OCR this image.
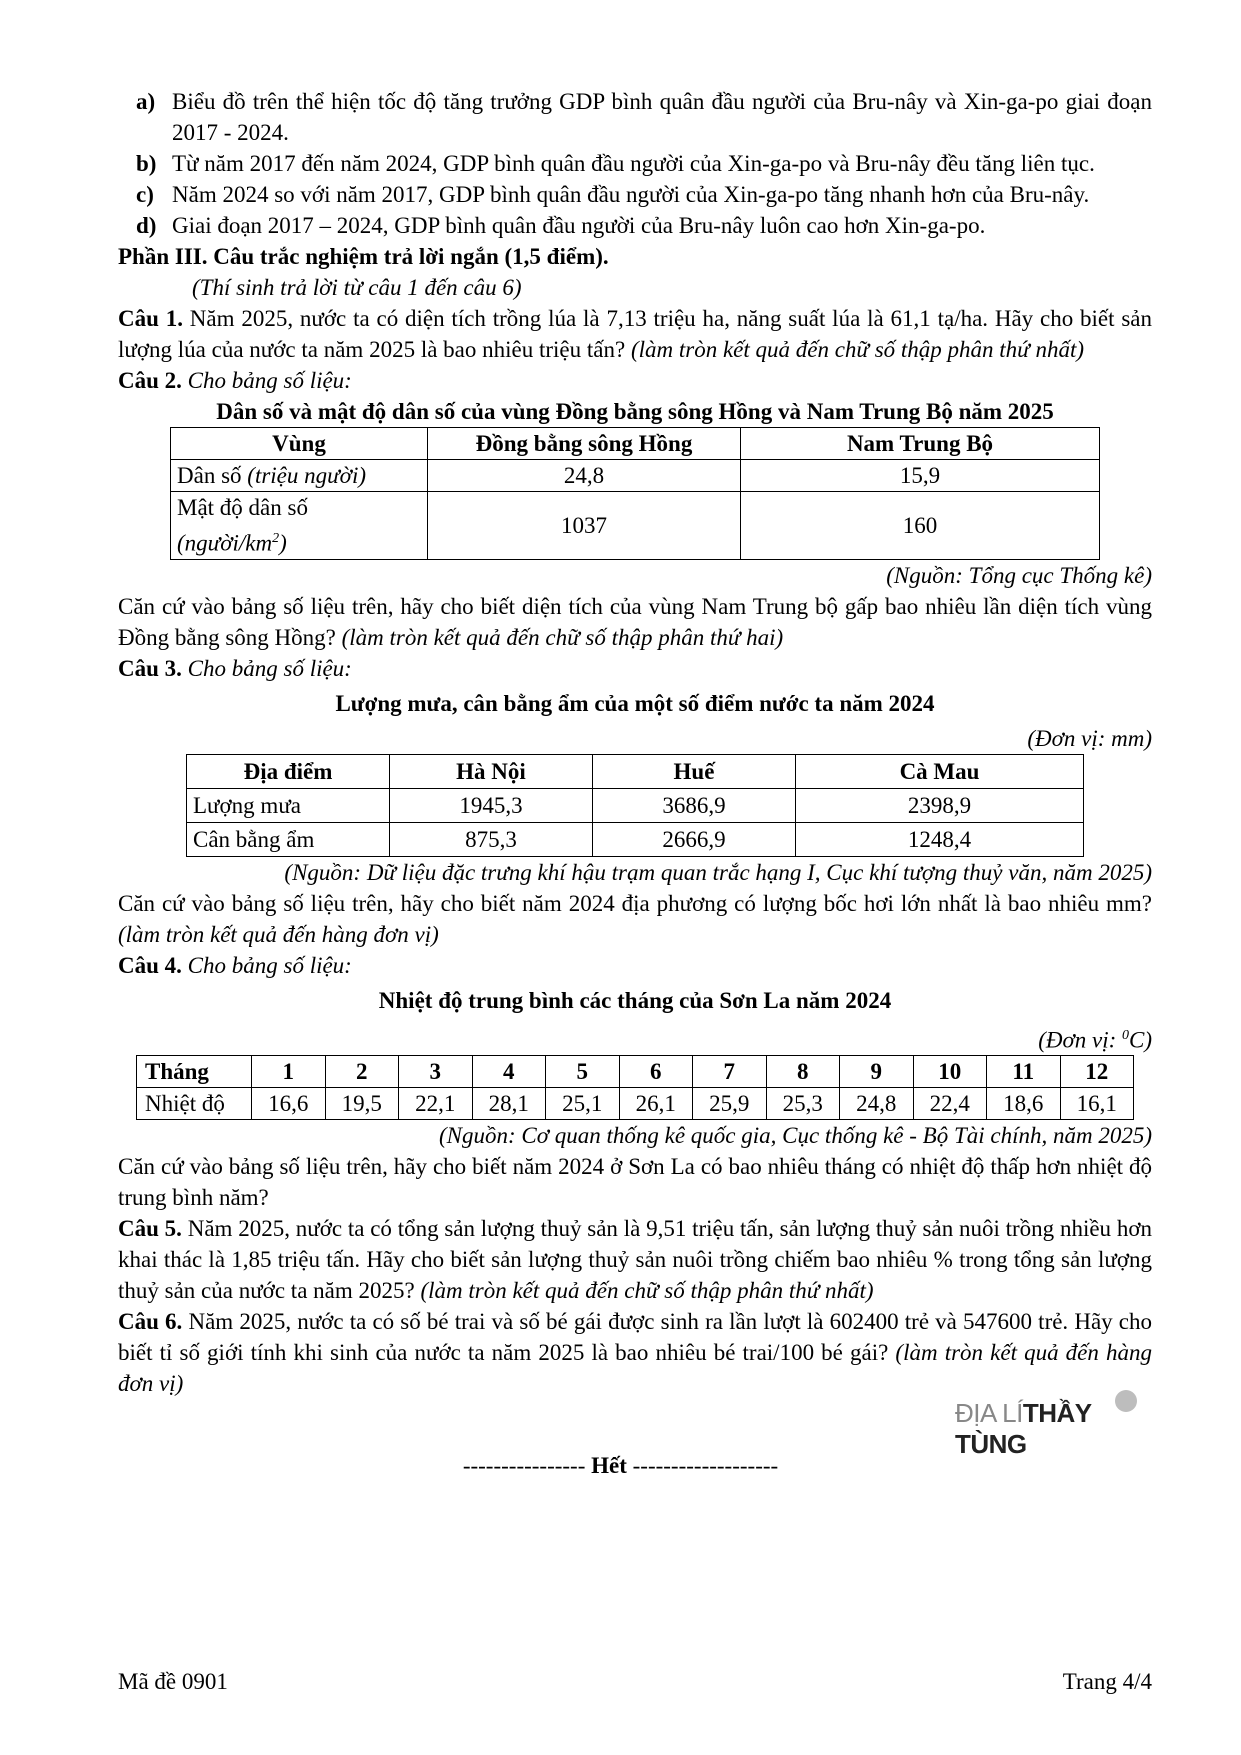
a) Biểu đồ trên thể hiện tốc độ tăng trưởng GDP bình quân đầu người của Bru-nây và Xin-ga-po giai đoạn 2017 - 2024.
b) Từ năm 2017 đến năm 2024, GDP bình quân đầu người của Xin-ga-po và Bru-nây đều tăng liên tục.
c) Năm 2024 so với năm 2017, GDP bình quân đầu người của Xin-ga-po tăng nhanh hơn của Bru-nây.
d) Giai đoạn 2017 – 2024, GDP bình quân đầu người của Bru-nây luôn cao hơn Xin-ga-po.
Phần III. Câu trắc nghiệm trả lời ngắn (1,5 điểm).
(Thí sinh trả lời từ câu 1 đến câu 6)
Câu 1. Năm 2025, nước ta có diện tích trồng lúa là 7,13 triệu ha, năng suất lúa là 61,1 tạ/ha. Hãy cho biết sản lượng lúa của nước ta năm 2025 là bao nhiêu triệu tấn? (làm tròn kết quả đến chữ số thập phân thứ nhất)
Câu 2. Cho bảng số liệu:
Dân số và mật độ dân số của vùng Đồng bằng sông Hồng và Nam Trung Bộ năm 2025
Vùng	Đồng bằng sông Hồng	Nam Trung Bộ
Dân số (triệu người)	24,8	15,9
Mật độ dân số $(người/km^2)$	1037	160
(Nguồn: Tổng cục Thống kê)
Căn cứ vào bảng số liệu trên, hãy cho biết diện tích của vùng Nam Trung bộ gấp bao nhiêu lần diện tích vùng Đồng bằng sông Hồng? (làm tròn kết quả đến chữ số thập phân thứ hai)
Câu 3. Cho bảng số liệu:
Lượng mưa, cân bằng ẩm của một số điểm nước ta năm 2024
(Đơn vị: mm)
Địa điểm	Hà Nội	Huế	Cà Mau
Lượng mưa	1945,3	3686,9	2398,9
Cân bằng ẩm	875,3	2666,9	1248,4
(Nguồn: Dữ liệu đặc trưng khí hậu trạm quan trắc hạng I, Cục khí tượng thuỷ văn, năm 2025)
Căn cứ vào bảng số liệu trên, hãy cho biết năm 2024 địa phương có lượng bốc hơi lớn nhất là bao nhiêu mm? (làm tròn kết quả đến hàng đơn vị)
Câu 4. Cho bảng số liệu:
Nhiệt độ trung bình các tháng của Sơn La năm 2024
(Đơn vị: $^0$C)
Tháng	1	2	3	4	5	6	7	8	9	10	11	12
Nhiệt độ	16,6	19,5	22,1	28,1	25,1	26,1	25,9	25,3	24,8	22,4	18,6	16,1
(Nguồn: Cơ quan thống kê quốc gia, Cục thống kê - Bộ Tài chính, năm 2025)
Căn cứ vào bảng số liệu trên, hãy cho biết năm 2024 ở Sơn La có bao nhiêu tháng có nhiệt độ thấp hơn nhiệt độ trung bình năm?
Câu 5. Năm 2025, nước ta có tổng sản lượng thuỷ sản là 9,51 triệu tấn, sản lượng thuỷ sản nuôi trồng nhiều hơn khai thác là 1,85 triệu tấn. Hãy cho biết sản lượng thuỷ sản nuôi trồng chiếm bao nhiêu % trong tổng sản lượng thuỷ sản của nước ta năm 2025? (làm tròn kết quả đến chữ số thập phân thứ nhất)
Câu 6. Năm 2025, nước ta có số bé trai và số bé gái được sinh ra lần lượt là 602400 trẻ và 547600 trẻ. Hãy cho biết tỉ số giới tính khi sinh của nước ta năm 2025 là bao nhiêu bé trai/100 bé gái? (làm tròn kết quả đến hàng đơn vị)
ĐỊA LÍTHẦY TÙNG
---------------- Hết -------------------
Mã đề 0901	Trang 4/4
